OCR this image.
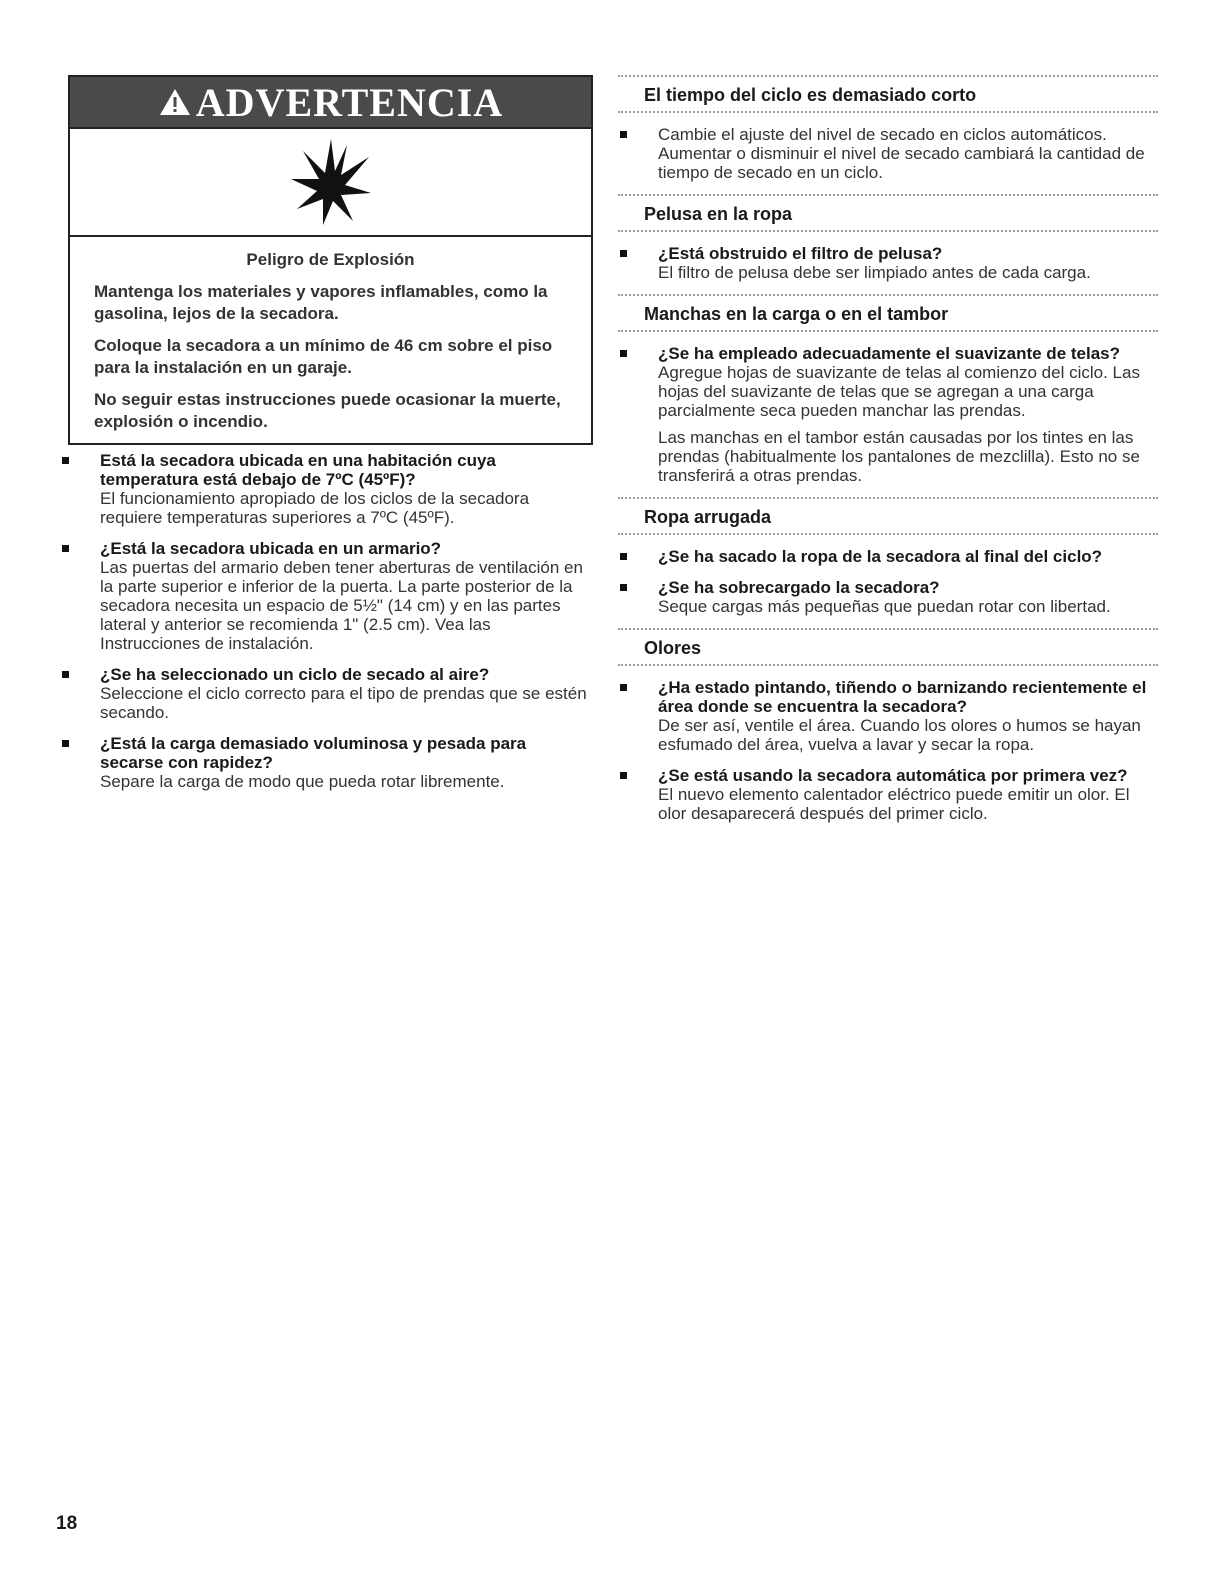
ADVERTENCIA
Peligro de Explosión

Mantenga los materiales y vapores inflamables, como la gasolina, lejos de la secadora.

Coloque la secadora a un mínimo de 46 cm sobre el piso para la instalación en un garaje.

No seguir estas instrucciones puede ocasionar la muerte, explosión o incendio.

Está la secadora ubicada en una habitación cuya temperatura está debajo de 7ºC (45ºF)?
El funcionamiento apropiado de los ciclos de la secadora requiere temperaturas superiores a 7ºC (45ºF).
¿Está la secadora ubicada en un armario?
Las puertas del armario deben tener aberturas de ventilación en la parte superior e inferior de la puerta. La parte posterior de la secadora necesita un espacio de 5½" (14 cm) y en las partes lateral y anterior se recomienda 1" (2.5 cm). Vea las Instrucciones de instalación.
¿Se ha seleccionado un ciclo de secado al aire?
Seleccione el ciclo correcto para el tipo de prendas que se estén secando.
¿Está la carga demasiado voluminosa y pesada para secarse con rapidez?
Separe la carga de modo que pueda rotar libremente.
El tiempo del ciclo es demasiado corto
Cambie el ajuste del nivel de secado en ciclos automáticos. Aumentar o disminuir el nivel de secado cambiará la cantidad de tiempo de secado en un ciclo.
Pelusa en la ropa
¿Está obstruido el filtro de pelusa?
El filtro de pelusa debe ser limpiado antes de cada carga.
Manchas en la carga o en el tambor
¿Se ha empleado adecuadamente el suavizante de telas?
Agregue hojas de suavizante de telas al comienzo del ciclo. Las hojas del suavizante de telas que se agregan a una carga parcialmente seca pueden manchar las prendas.
Las manchas en el tambor están causadas por los tintes en las prendas (habitualmente los pantalones de mezclilla). Esto no se transferirá a otras prendas.
Ropa arrugada
¿Se ha sacado la ropa de la secadora al final del ciclo?
¿Se ha sobrecargado la secadora?
Seque cargas más pequeñas que puedan rotar con libertad.
Olores
¿Ha estado pintando, tiñendo o barnizando recientemente el área donde se encuentra la secadora?
De ser así, ventile el área. Cuando los olores o humos se hayan esfumado del área, vuelva a lavar y secar la ropa.
¿Se está usando la secadora automática por primera vez?
El nuevo elemento calentador eléctrico puede emitir un olor. El olor desaparecerá después del primer ciclo.
18
